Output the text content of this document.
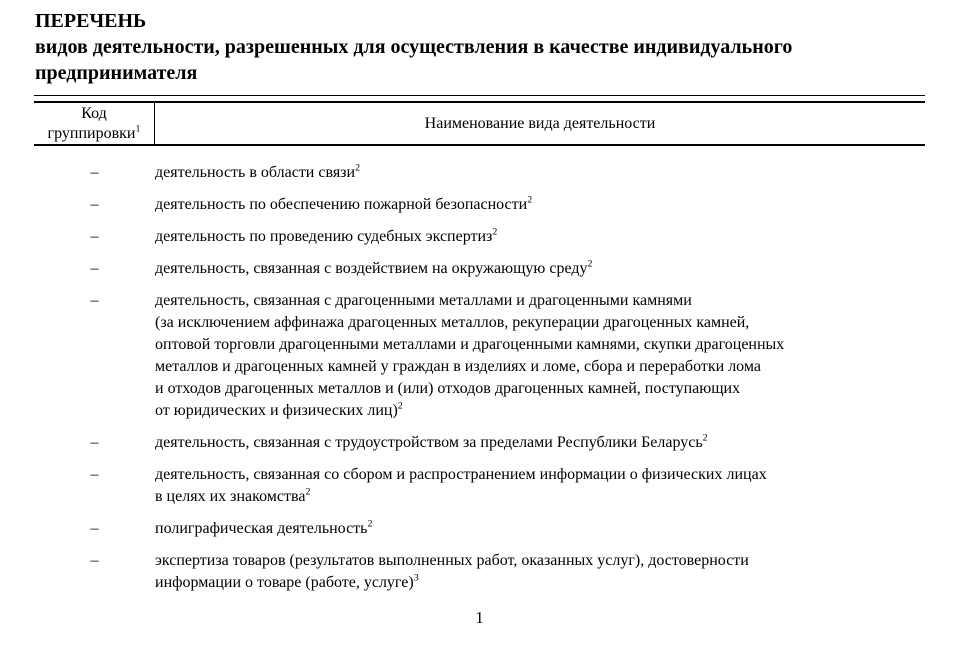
ПЕРЕЧЕНЬ
видов деятельности, разрешенных для осуществления в качестве индивидуального
предпринимателя
Код
группировки$^1$	Наименование вида деятельности
–	деятельность в области связи$^2$
–	деятельность по обеспечению пожарной безопасности$^2$
–	деятельность по проведению судебных экспертиз$^2$
–	деятельность, связанная с воздействием на окружающую среду$^2$
–	деятельность, связанная с драгоценными металлами и драгоценными камнями
(за исключением аффинажа драгоценных металлов, рекуперации драгоценных камней,
оптовой торговли драгоценными металлами и драгоценными камнями, скупки драгоценных
металлов и драгоценных камней у граждан в изделиях и ломе, сбора и переработки лома
и отходов драгоценных металлов и (или) отходов драгоценных камней, поступающих
от юридических и физических лиц)$^2$
–	деятельность, связанная с трудоустройством за пределами Республики Беларусь$^2$
–	деятельность, связанная со сбором и распространением информации о физических лицах
в целях их знакомства$^2$
–	полиграфическая деятельность$^2$
–	экспертиза товаров (результатов выполненных работ, оказанных услуг), достоверности
информации о товаре (работе, услуге)$^3$
1
